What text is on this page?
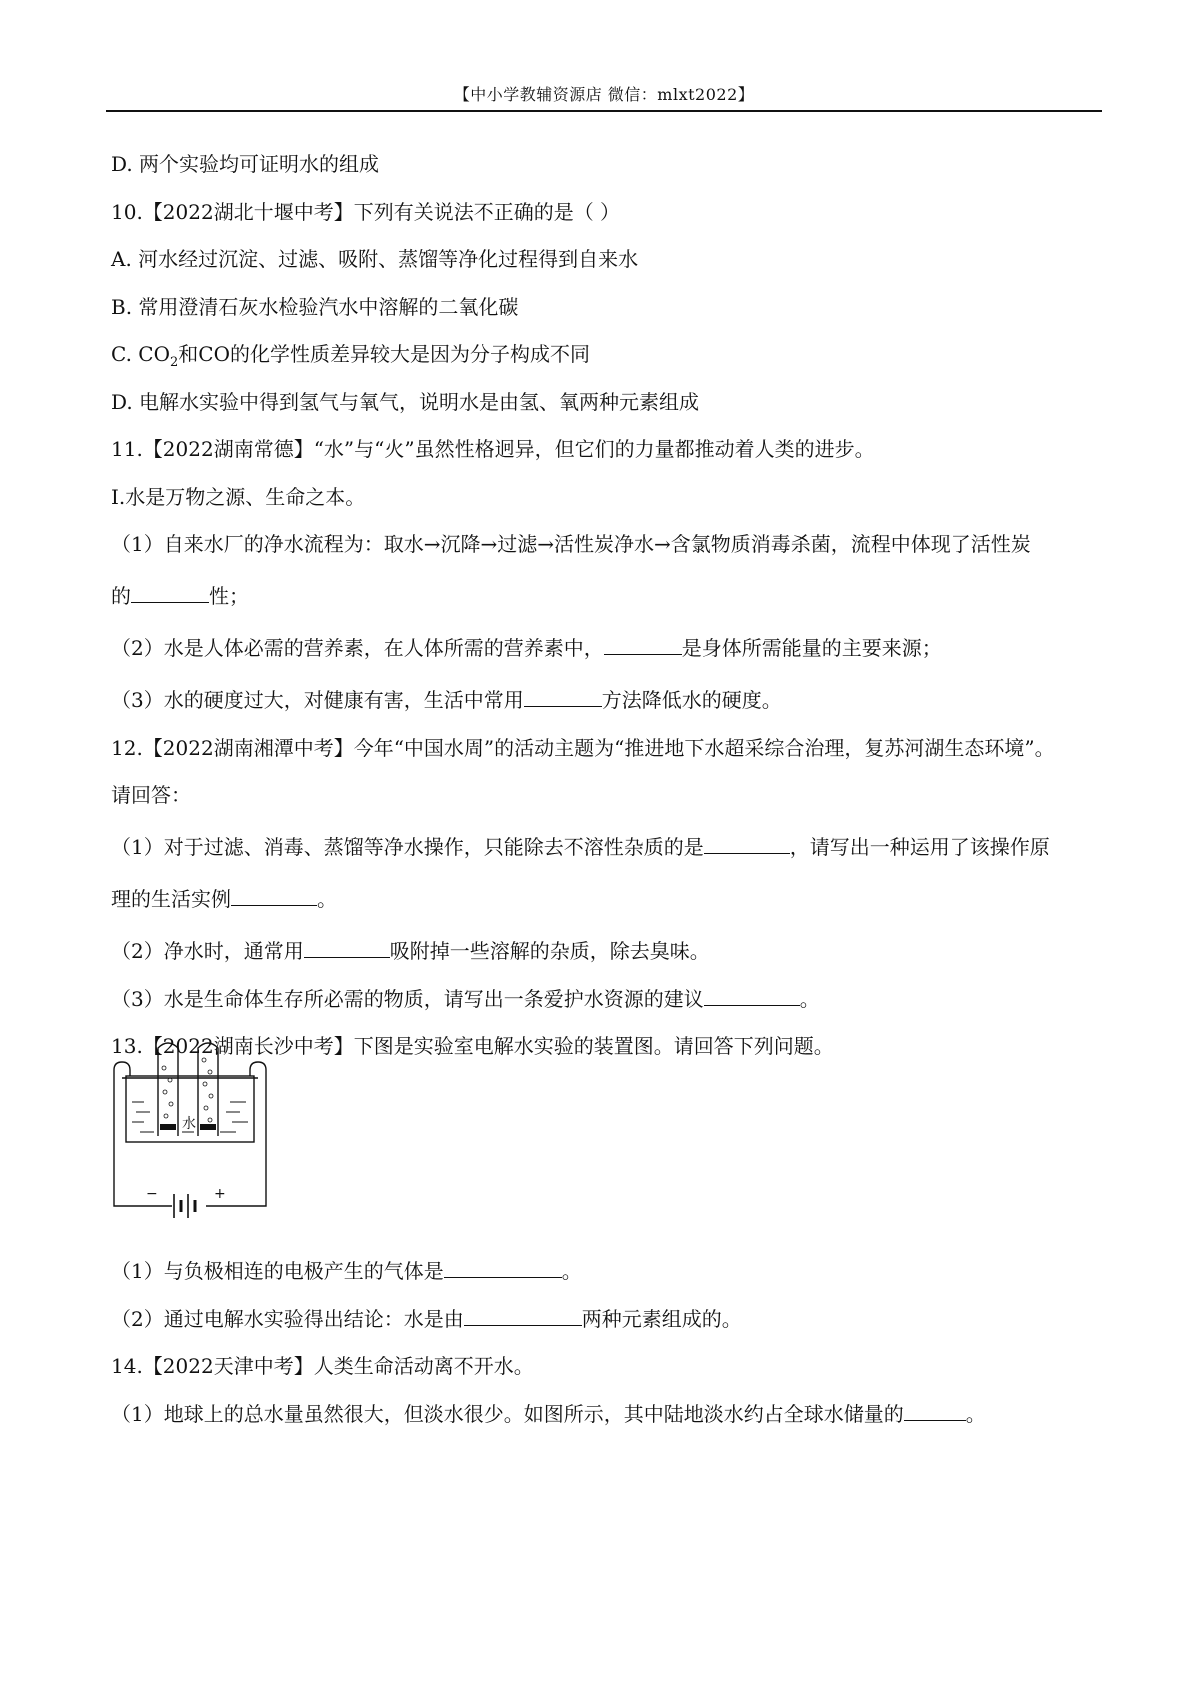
【中小学教辅资源店 微信：mlxt2022】
D. 两个实验均可证明水的组成
10.【2022湖北十堰中考】下列有关说法不正确的是（ ）
A. 河水经过沉淀、过滤、吸附、蒸馏等净化过程得到自来水
B. 常用澄清石灰水检验汽水中溶解的二氧化碳
C. $CO_2$和CO的化学性质差异较大是因为分子构成不同
D. 电解水实验中得到氢气与氧气，说明水是由氢、氧两种元素组成
11.【2022湖南常德】“水”与“火”虽然性格迥异，但它们的力量都推动着人类的进步。
Ⅰ.水是万物之源、生命之本。
（1）自来水厂的净水流程为：取水→沉降→过滤→活性炭净水→含氯物质消毒杀菌，流程中体现了活性炭
的	性；
（2）水是人体必需的营养素，在人体所需的营养素中，	是身体所需能量的主要来源；
（3）水的硬度过大，对健康有害，生活中常用	方法降低水的硬度。
12.【2022湖南湘潭中考】今年“中国水周”的活动主题为“推进地下水超采综合治理，复苏河湖生态环境”。
请回答：
（1）对于过滤、消毒、蒸馏等净水操作，只能除去不溶性杂质的是	，请写出一种运用了该操作原
理的生活实例	。
（2）净水时，通常用	吸附掉一些溶解的杂质，除去臭味。
（3）水是生命体生存所必需的物质，请写出一条爱护水资源的建议	。
13.【2022湖南长沙中考】下图是实验室电解水实验的装置图。请回答下列问题。
水
−	+
（1）与负极相连的电极产生的气体是	。
（2）通过电解水实验得出结论：水是由	两种元素组成的。
14.【2022天津中考】人类生命活动离不开水。
（1）地球上的总水量虽然很大，但淡水很少。如图所示，其中陆地淡水约占全球水储量的	。
